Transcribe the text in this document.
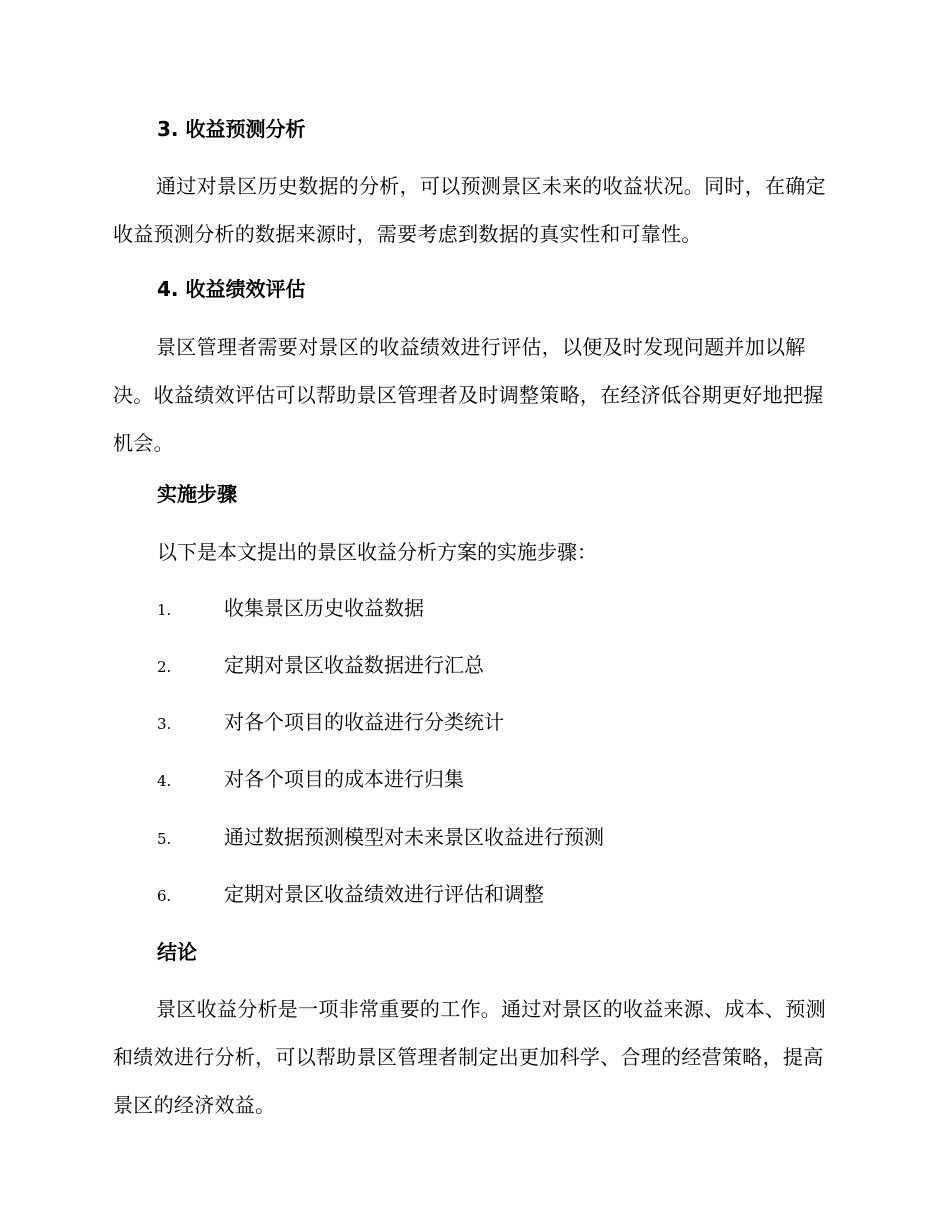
3. 收益预测分析
通过对景区历史数据的分析，可以预测景区未来的收益状况。同时，在确定收益预测分析的数据来源时，需要考虑到数据的真实性和可靠性。
4. 收益绩效评估
景区管理者需要对景区的收益绩效进行评估，以便及时发现问题并加以解决。收益绩效评估可以帮助景区管理者及时调整策略，在经济低谷期更好地把握机会。
实施步骤
以下是本文提出的景区收益分析方案的实施步骤：
1.	收集景区历史收益数据
2.	定期对景区收益数据进行汇总
3.	对各个项目的收益进行分类统计
4.	对各个项目的成本进行归集
5.	通过数据预测模型对未来景区收益进行预测
6.	定期对景区收益绩效进行评估和调整
结论
景区收益分析是一项非常重要的工作。通过对景区的收益来源、成本、预测和绩效进行分析，可以帮助景区管理者制定出更加科学、合理的经营策略，提高景区的经济效益。
